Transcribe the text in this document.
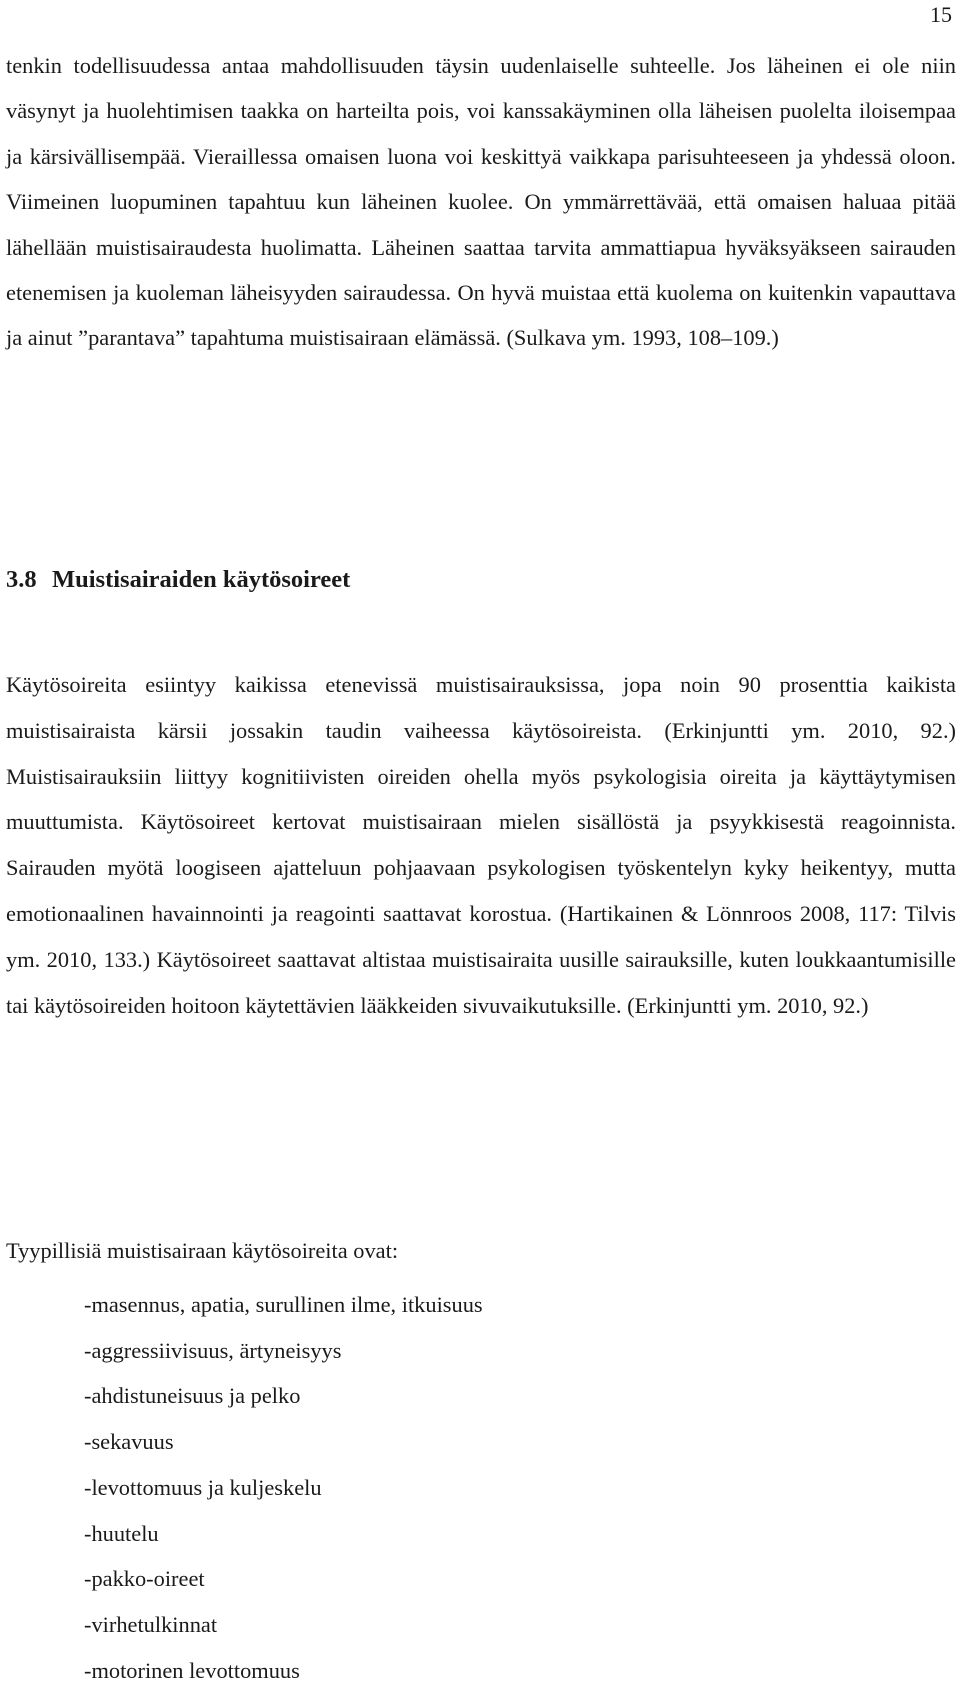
15

tenkin todellisuudessa antaa mahdollisuuden täysin uudenlaiselle suhteelle. Jos läheinen ei ole niin väsynyt ja huolehtimisen taakka on harteilta pois, voi kanssakäyminen olla läheisen puolelta iloisempaa ja kärsivällisempää. Vieraillessa omaisen luona voi keskittyä vaikkapa parisuhteeseen ja yhdessä oloon. Viimeinen luopuminen tapahtuu kun läheinen kuolee. On ymmärrettävää, että omaisen haluaa pitää lähellään muistisairaudesta huolimatta. Läheinen saattaa tarvita ammattiapua hyväksyäkseen sairauden etenemisen ja kuoleman läheisyyden sairaudessa. On hyvä muistaa että kuolema on kuitenkin vapauttava ja ainut ”parantava” tapahtuma muistisairaan elämässä. (Sulkava ym. 1993, 108–109.)

3.8 Muistisairaiden käytösoireet

Käytösoireita esiintyy kaikissa etenevissä muistisairauksissa, jopa noin 90 prosenttia kaikista muistisairaista kärsii jossakin taudin vaiheessa käytösoireista. (Erkinjuntti ym. 2010, 92.) Muistisairauksiin liittyy kognitiivisten oireiden ohella myös psykologisia oireita ja käyttäytymisen muuttumista. Käytösoireet kertovat muistisairaan mielen sisällöstä ja psyykkisestä reagoinnista. Sairauden myötä loogiseen ajatteluun pohjaavaan psykologisen työskentelyn kyky heikentyy, mutta emotionaalinen havainnointi ja reagointi saattavat korostua. (Hartikainen & Lönnroos 2008, 117: Tilvis ym. 2010, 133.) Käytösoireet saattavat altistaa muistisairaita uusille sairauksille, kuten loukkaantumisille tai käytösoireiden hoitoon käytettävien lääkkeiden sivuvaikutuksille. (Erkinjuntti ym. 2010, 92.)

Tyypillisiä muistisairaan käytösoireita ovat:

-masennus, apatia, surullinen ilme, itkuisuus
-aggressiivisuus, ärtyneisyys
-ahdistuneisuus ja pelko
-sekavuus
-levottomuus ja kuljeskelu
-huutelu
-pakko-oireet
-virhetulkinnat
-motorinen levottomuus
